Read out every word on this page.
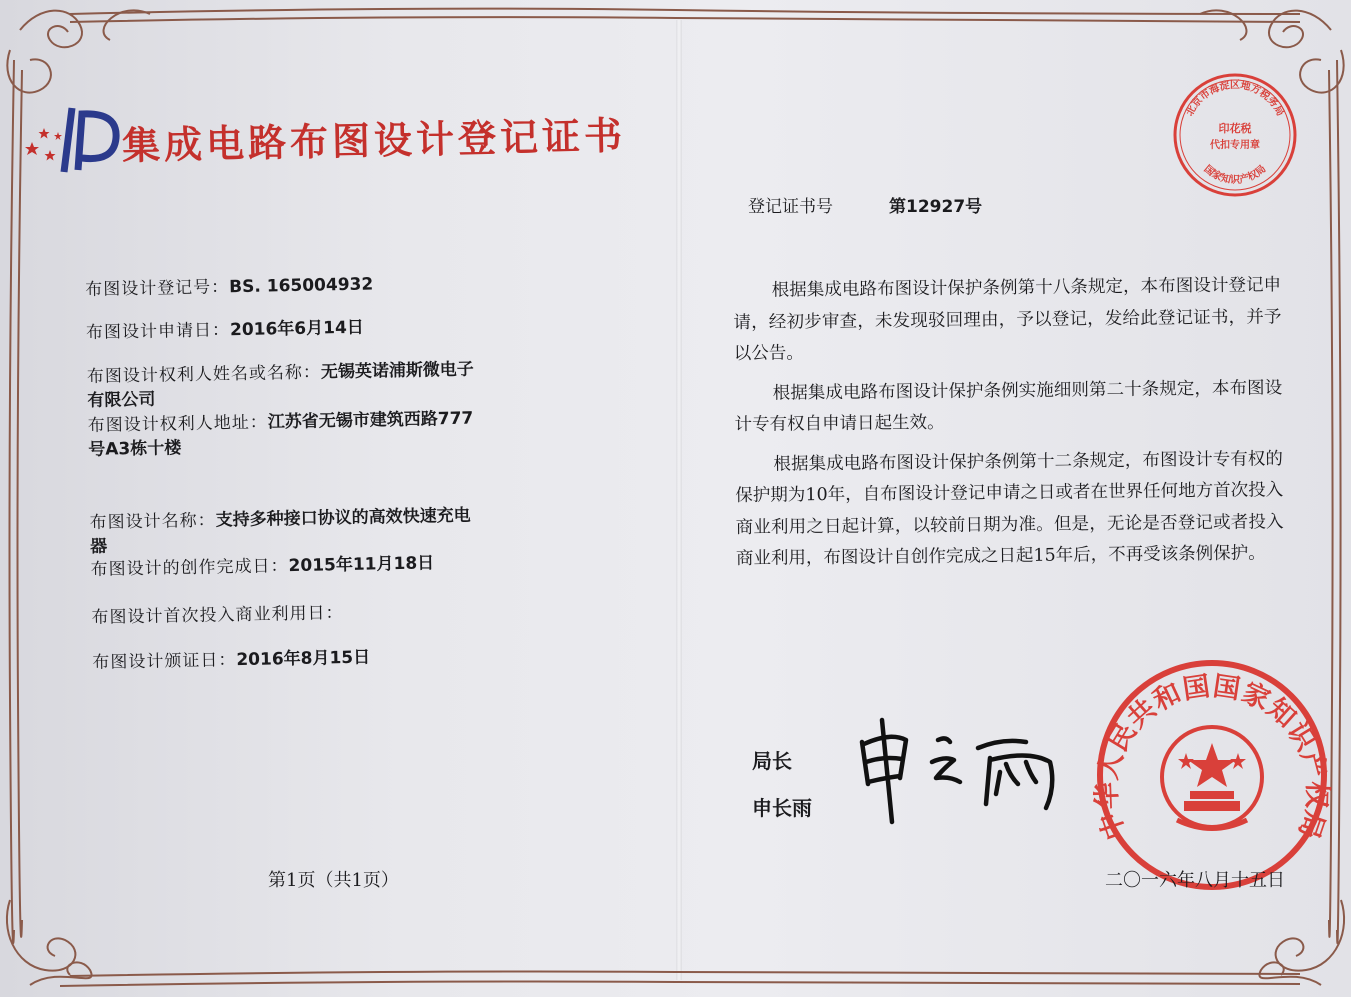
集成电路布图设计登记证书
布图设计登记号：BS. 165004932
布图设计申请日：2016年6月14日
布图设计权利人姓名或名称：无锡英诺浦斯微电子
有限公司
布图设计权利人地址：江苏省无锡市建筑西路777
号A3栋十楼
布图设计名称：支持多种接口协议的高效快速充电
器
布图设计的创作完成日：2015年11月18日
布图设计首次投入商业利用日：
布图设计颁证日：2016年8月15日
登记证书号	第12927号

根据集成电路布图设计保护条例第十八条规定，本布图设计登记申请，经初步审查，未发现驳回理由，予以登记，发给此登记证书，并予以公告。

根据集成电路布图设计保护条例实施细则第二十条规定，本布图设计专有权自申请日起生效。

根据集成电路布图设计保护条例第十二条规定，布图设计专有权的保护期为10年，自布图设计登记申请之日或者在世界任何地方首次投入商业利用之日起计算，以较前日期为准。但是，无论是否登记或者投入商业利用，布图设计自创作完成之日起15年后，不再受该条例保护。

局长
申长雨
北京市海淀区地方税务局
印花税
代扣专用章
国家知识产权局
中华人民共和国国家知识产权局
第1页（共1页）	二〇一六年八月十五日
